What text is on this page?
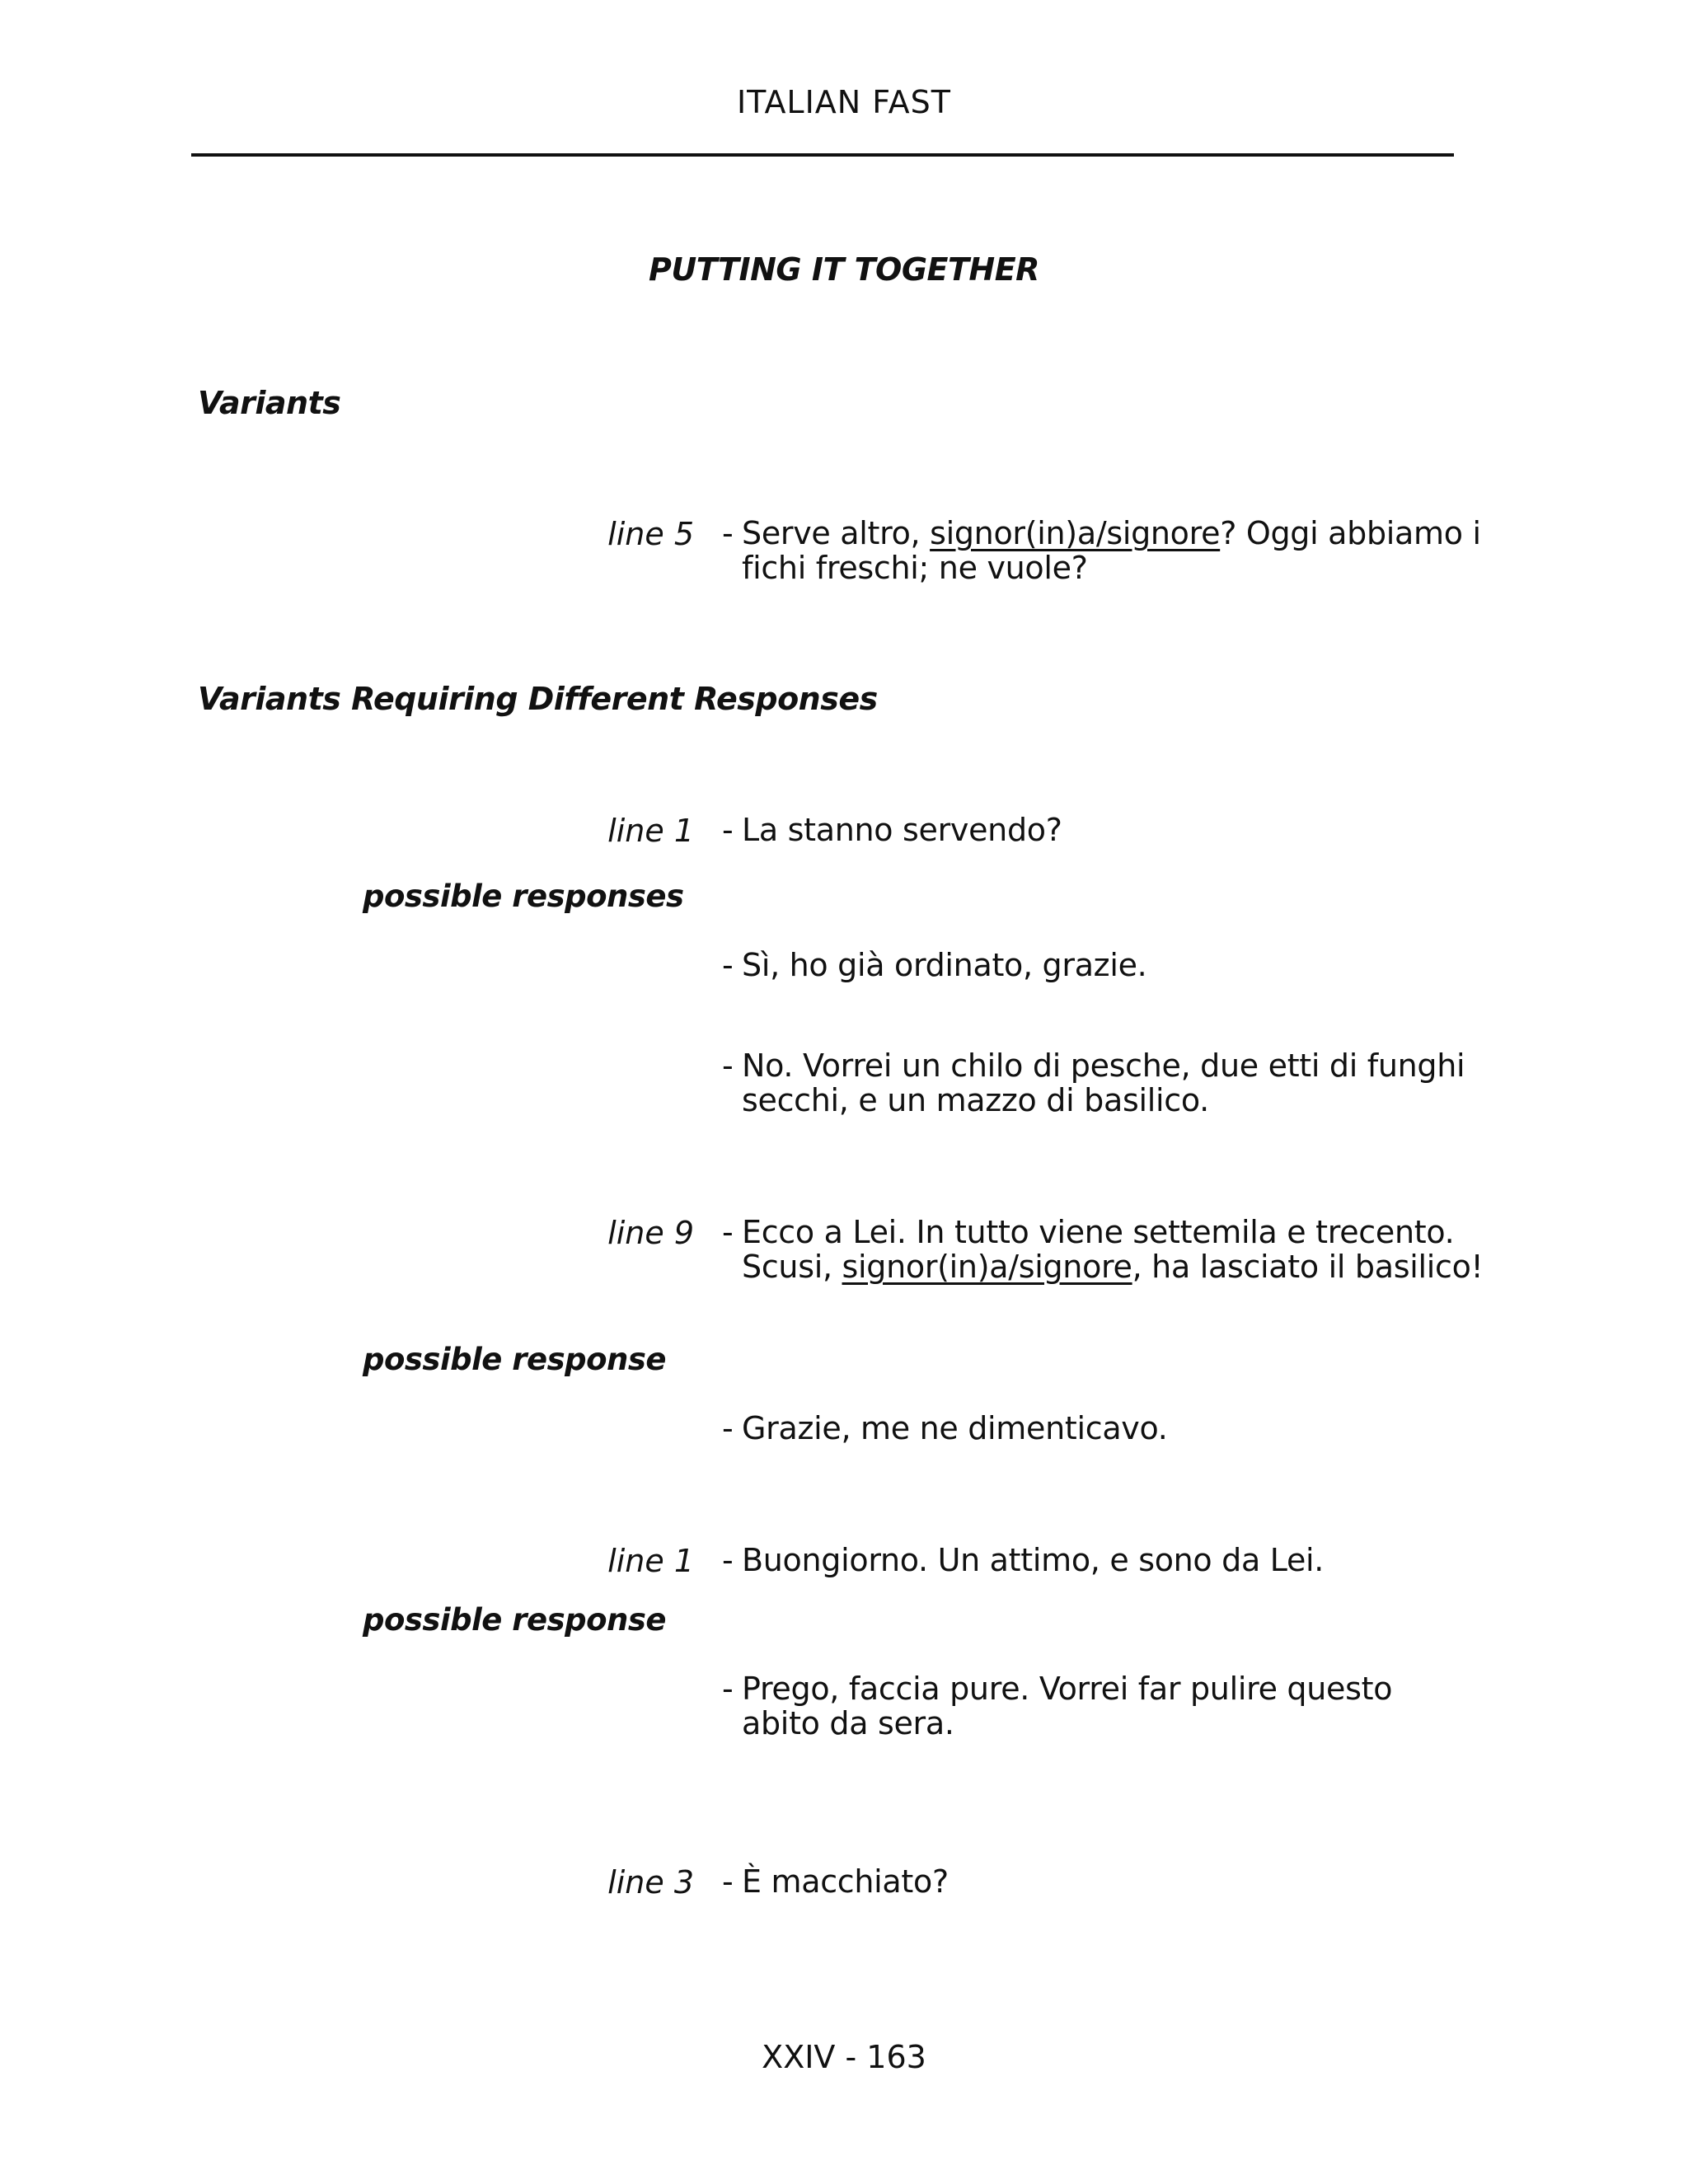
ITALIAN FAST
PUTTING IT TOGETHER
Variants
line 5 - Serve altro, signor(in)a/signore? Oggi abbiamo i
fichi freschi; ne vuole?
Variants Requiring Different Responses
line 1 - La stanno servendo?
possible responses
- Sì, ho già ordinato, grazie.
- No. Vorrei un chilo di pesche, due etti di funghi
secchi, e un mazzo di basilico.
line 9 - Ecco a Lei. In tutto viene settemila e trecento.
Scusi, signor(in)a/signore, ha lasciato il basilico!
possible response
- Grazie, me ne dimenticavo.
line 1 - Buongiorno. Un attimo, e sono da Lei.
possible response
- Prego, faccia pure. Vorrei far pulire questo
abito da sera.
line 3 - È macchiato?
XXIV - 163
